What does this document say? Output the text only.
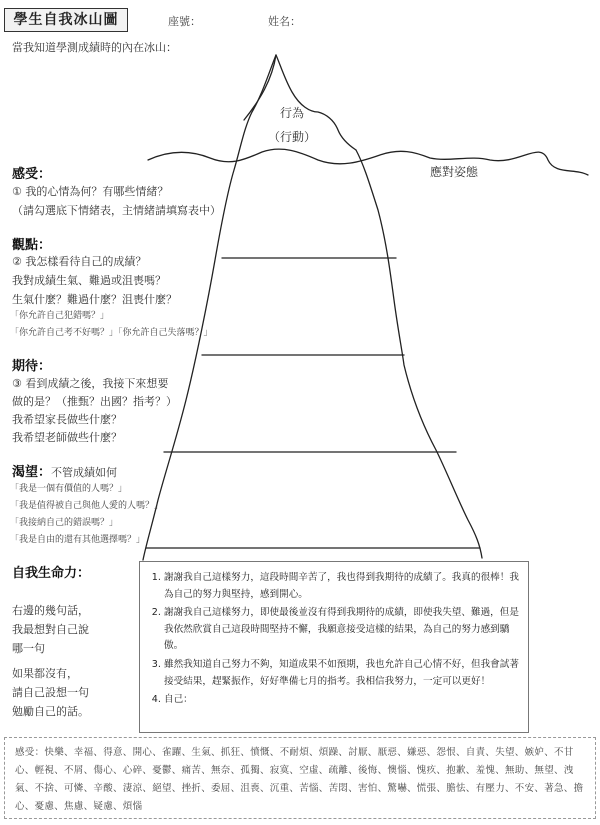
學生自我冰山圖	座號：	姓名：
當我知道學測成績時的內在冰山：
行為
（行動）
應對姿態
感受：
① 我的心情為何？有哪些情緒？
（請勾選底下情緒表，主情緒請填寫表中）
觀點：
② 我怎樣看待自己的成績？
我對成績生氣、難過或沮喪嗎？
生氣什麼？難過什麼？沮喪什麼？
「你允許自己犯錯嗎？」
「你允許自己考不好嗎？」「你允許自己失落嗎？」
期待：
③ 看到成績之後，我接下來想要
做的是？（推甄？出國？指考？）
我希望家長做些什麼？
我希望老師做些什麼？
渴望：不管成績如何
「我是一個有價值的人嗎？」
「我是值得被自己與他人愛的人嗎？」
「我接納自己的錯誤嗎？」
「我是自由的還有其他選擇嗎？」
自我生命力：
右邊的幾句話，
我最想對自己說
哪一句
如果都沒有，
請自己設想一句
勉勵自己的話。
1. 謝謝我自己這樣努力，這段時間辛苦了，我也得到我期待的成績了。我真的很棒！我為自己的努力與堅持，感到開心。
2. 謝謝我自己這樣努力，即使最後並沒有得到我期待的成績，即使我失望、難過，但是我依然欣賞自己這段時間堅持不懈，我願意接受這樣的結果，為自己的努力感到驕傲。
3. 雖然我知道自己努力不夠，知道成果不如預期，我也允許自己心情不好，但我會試著接受結果，趕緊振作，好好準備七月的指考。我相信我努力，一定可以更好！
4. 自己：
感受：快樂、幸福、得意、開心、雀躍、生氣、抓狂、憤慨、不耐煩、煩躁、討厭、厭惡、嫌惡、怨恨、自責、失望、嫉妒、不甘心、輕視、不屑、傷心、心碎、憂鬱、痛苦、無奈、孤獨、寂寞、空虛、疏離、後悔、懊惱、愧疚、抱歉、羞愧、無助、無望、洩氣、不捨、可憐、辛酸、淒涼、絕望、挫折、委屈、沮喪、沉重、苦惱、苦悶、害怕、驚嚇、慌張、膽怯、有壓力、不安、著急、擔心、憂慮、焦慮、疑慮、煩惱
